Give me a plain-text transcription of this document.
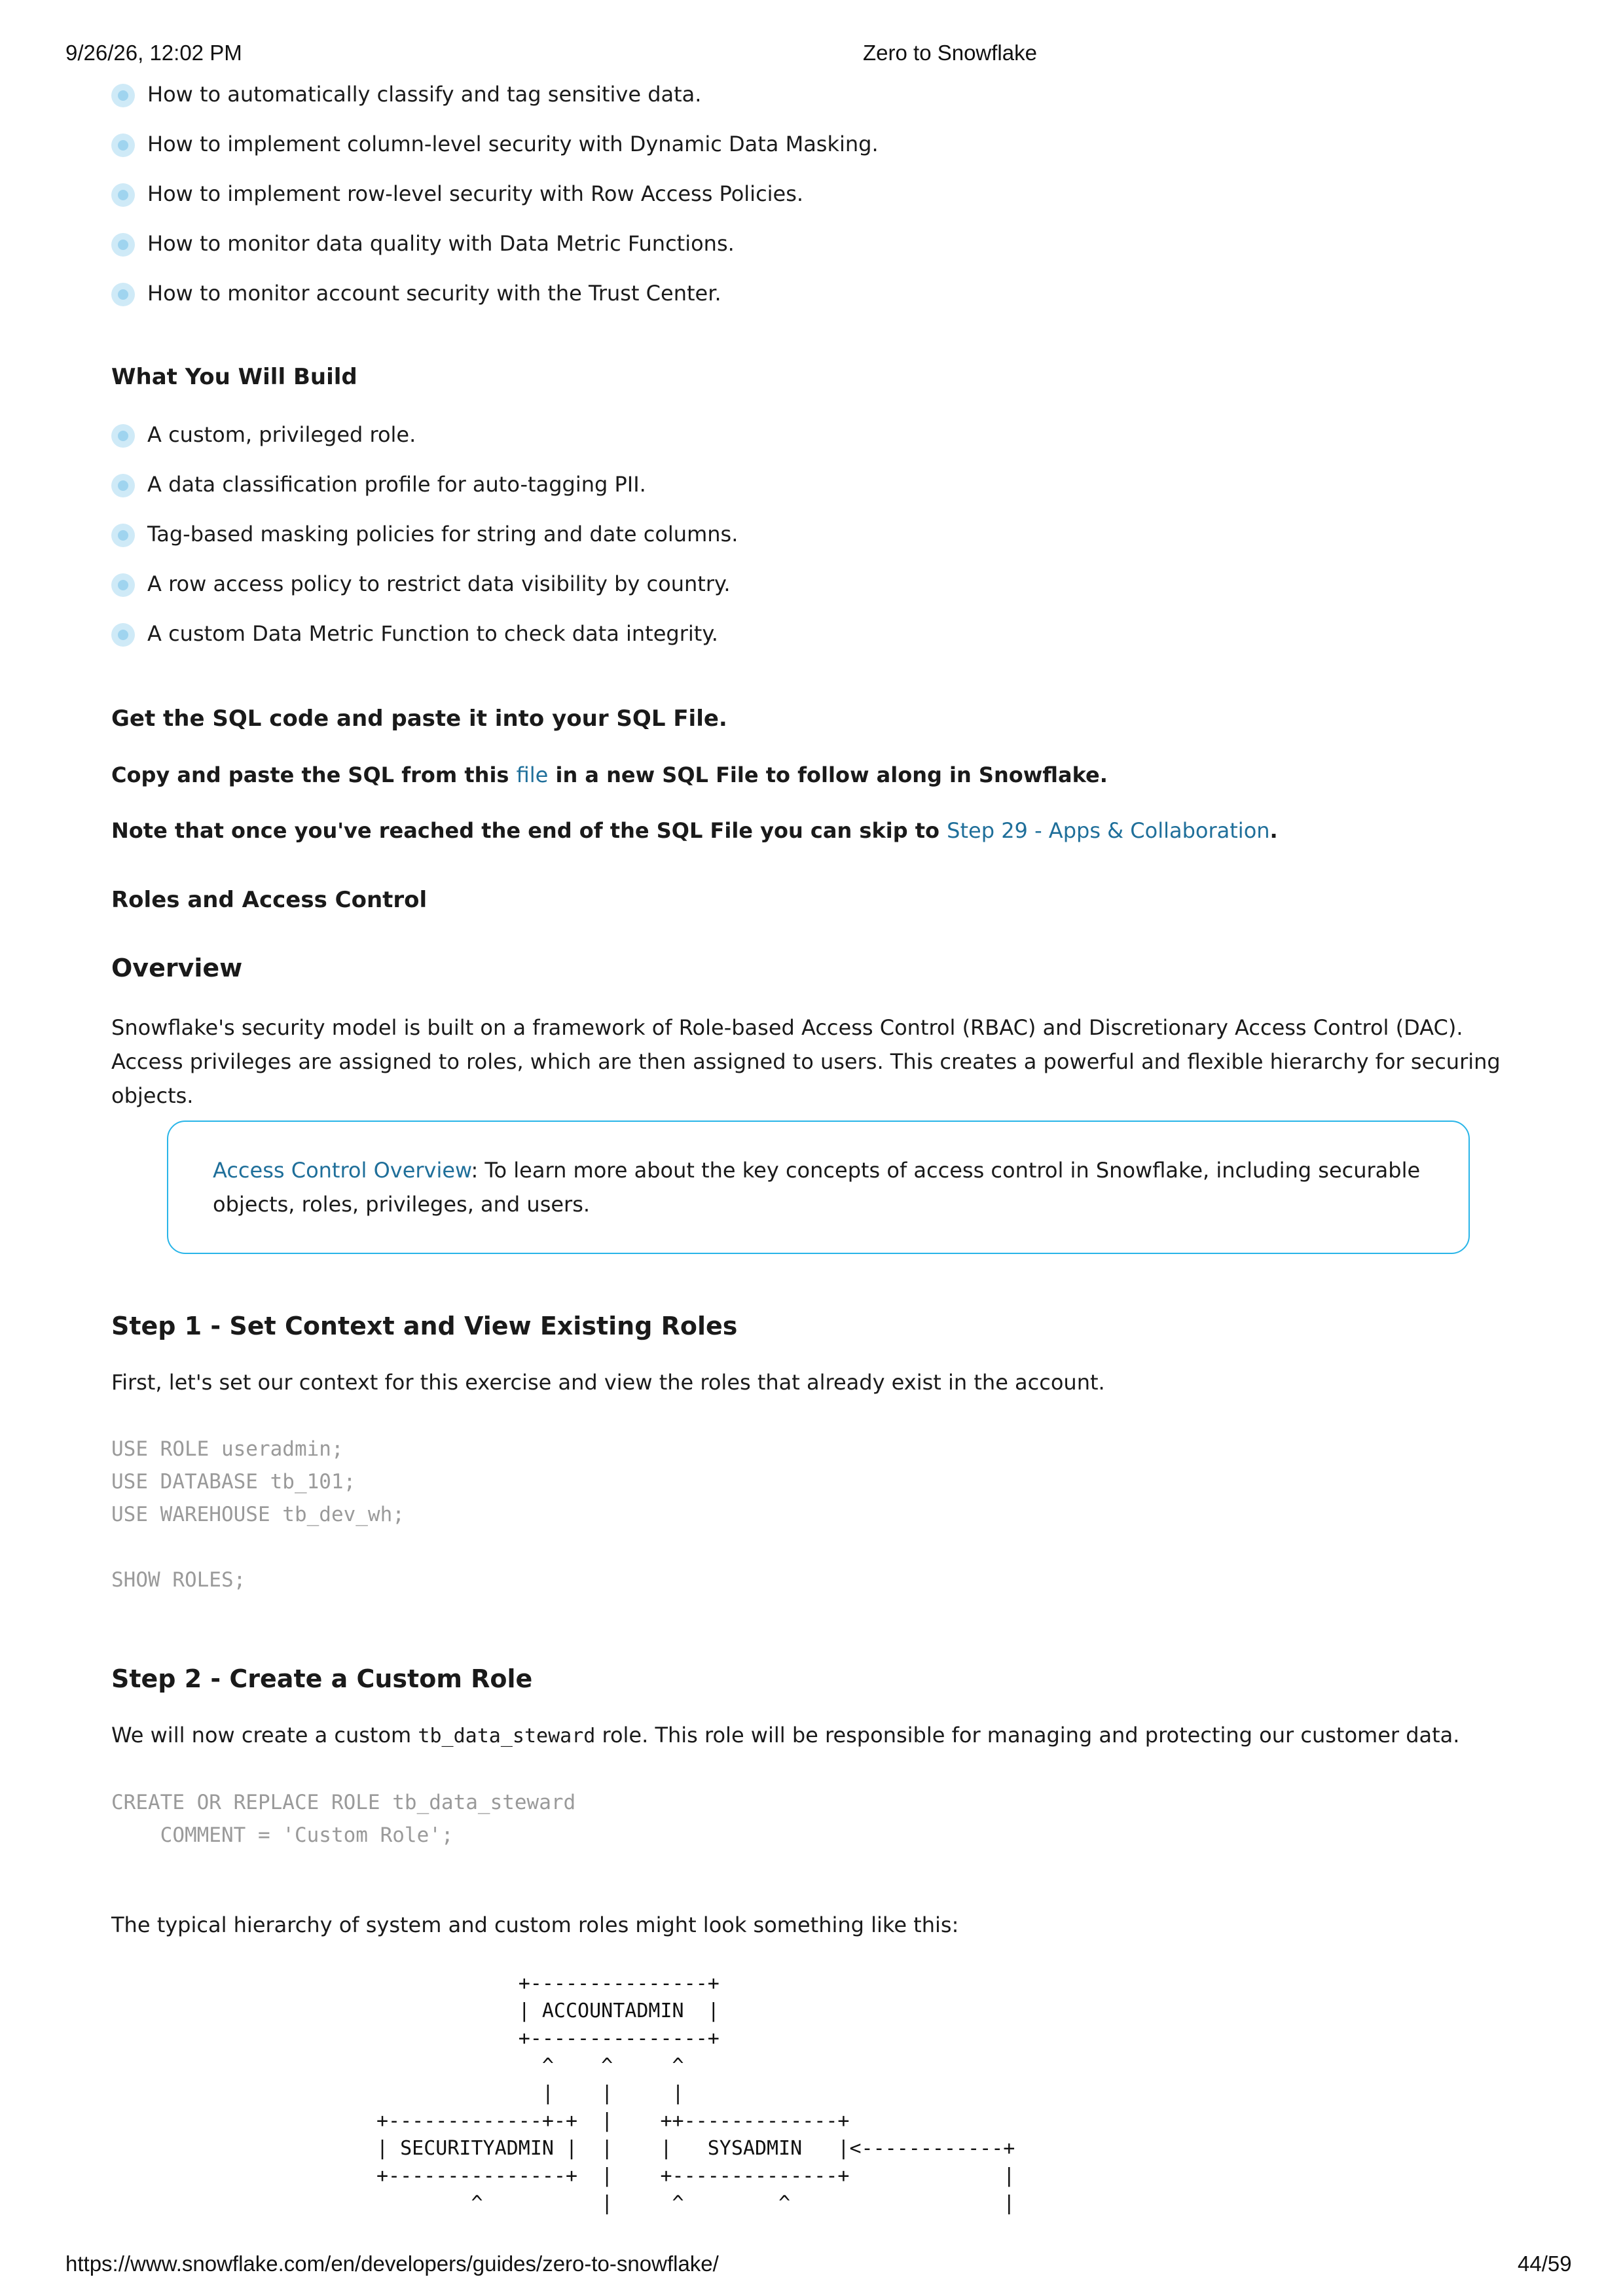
9/26/26, 12:02 PM	Zero to Snowflake
How to automatically classify and tag sensitive data.
How to implement column-level security with Dynamic Data Masking.
How to implement row-level security with Row Access Policies.
How to monitor data quality with Data Metric Functions.
How to monitor account security with the Trust Center.
What You Will Build
A custom, privileged role.
A data classification profile for auto-tagging PII.
Tag-based masking policies for string and date columns.
A row access policy to restrict data visibility by country.
A custom Data Metric Function to check data integrity.
Get the SQL code and paste it into your SQL File.
Copy and paste the SQL from this file in a new SQL File to follow along in Snowflake.
Note that once you've reached the end of the SQL File you can skip to Step 29 - Apps & Collaboration.
Roles and Access Control
Overview
Snowflake's security model is built on a framework of Role-based Access Control (RBAC) and Discretionary Access Control (DAC). Access privileges are assigned to roles, which are then assigned to users. This creates a powerful and flexible hierarchy for securing objects.
Access Control Overview: To learn more about the key concepts of access control in Snowflake, including securable objects, roles, privileges, and users.
Step 1 - Set Context and View Existing Roles
First, let's set our context for this exercise and view the roles that already exist in the account.
USE ROLE useradmin;
USE DATABASE tb_101;
USE WAREHOUSE tb_dev_wh;

SHOW ROLES;
Step 2 - Create a Custom Role
We will now create a custom tb_data_steward role. This role will be responsible for managing and protecting our customer data.
CREATE OR REPLACE ROLE tb_data_steward
COMMENT = 'Custom Role';
The typical hierarchy of system and custom roles might look something like this:
+---------------+
| ACCOUNTADMIN  |
+---------------+
^    ^     ^
|    |     |
+-------------+-+  |    ++-------------+
| SECURITYADMIN |  |    |   SYSADMIN   |<------------+
+---------------+  |    +--------------+             |
^          |     ^        ^                  |
https://www.snowflake.com/en/developers/guides/zero-to-snowflake/	44/59
